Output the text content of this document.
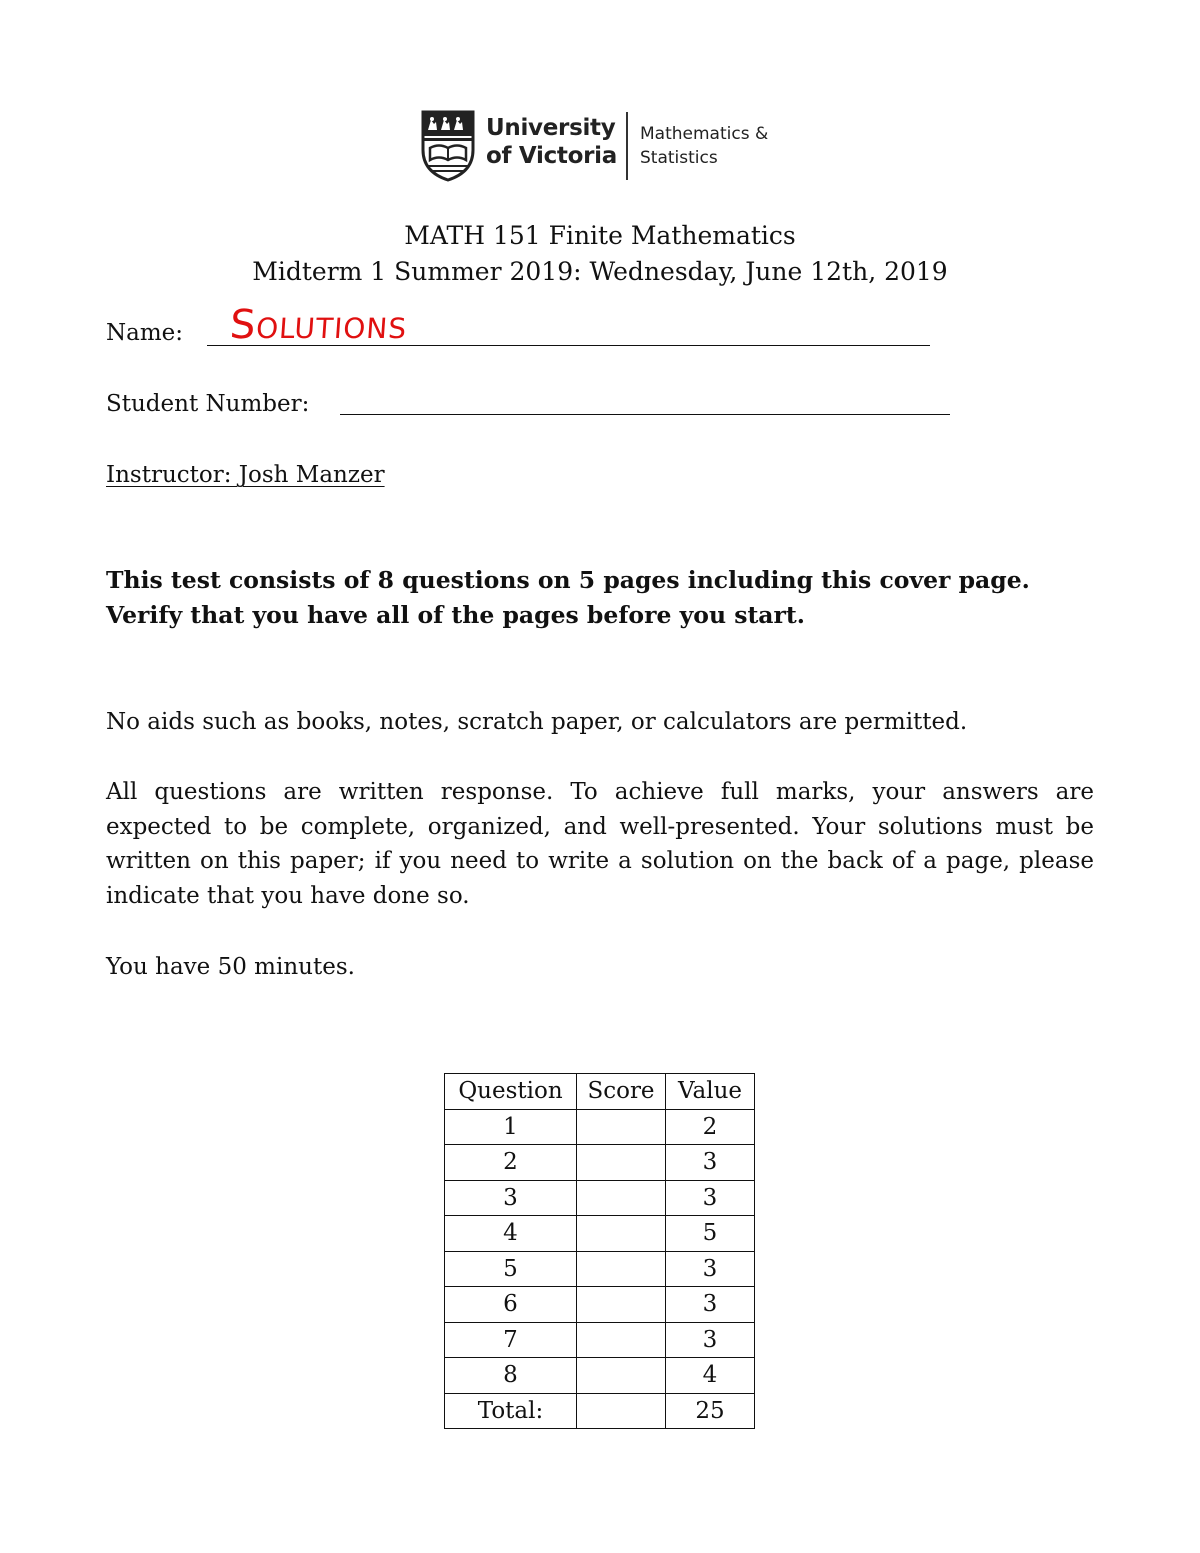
University
of Victoria
Mathematics &
Statistics
MATH 151 Finite Mathematics
Midterm 1 Summer 2019: Wednesday, June 12th, 2019
Name: Solutions
Student Number:
Instructor: Josh Manzer
This test consists of 8 questions on 5 pages including this cover page.
Verify that you have all of the pages before you start.
No aids such as books, notes, scratch paper, or calculators are permitted.
All questions are written response. To achieve full marks, your answers are expected to be complete, organized, and well-presented. Your solutions must be written on this paper; if you need to write a solution on the back of a page, please indicate that you have done so.
You have 50 minutes.
Question	Score	Value
1		2
2		3
3		3
4		5
5		3
6		3
7		3
8		4
Total:		25
